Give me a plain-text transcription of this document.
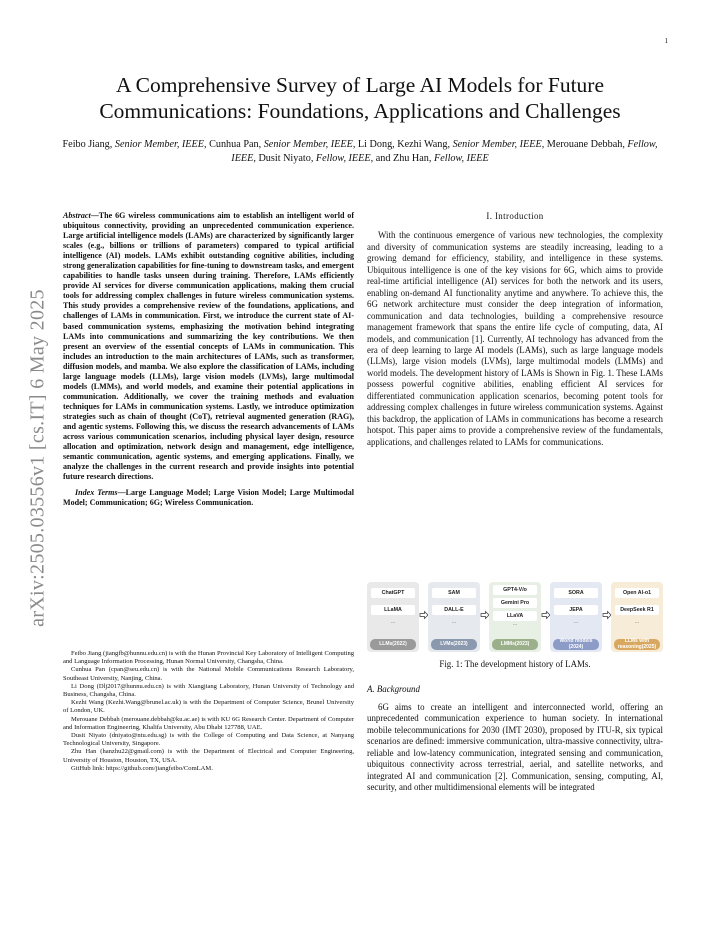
1
A Comprehensive Survey of Large AI Models for Future Communications: Foundations, Applications and Challenges
Feibo Jiang, Senior Member, IEEE, Cunhua Pan, Senior Member, IEEE, Li Dong, Kezhi Wang, Senior Member, IEEE, Merouane Debbah, Fellow, IEEE, Dusit Niyato, Fellow, IEEE, and Zhu Han, Fellow, IEEE
arXiv:2505.03556v1 [cs.IT] 6 May 2025
Abstract—The 6G wireless communications aim to establish an intelligent world of ubiquitous connectivity, providing an unprecedented communication experience. Large artificial intelligence models (LAMs) are characterized by significantly larger scales (e.g., billions or trillions of parameters) compared to typical artificial intelligence (AI) models. LAMs exhibit outstanding cognitive abilities, including strong generalization capabilities for fine-tuning to downstream tasks, and emergent capabilities to handle tasks unseen during training. Therefore, LAMs efficiently provide AI services for diverse communication applications, making them crucial tools for addressing complex challenges in future wireless communication systems. This study provides a comprehensive review of the foundations, applications, and challenges of LAMs in communication. First, we introduce the current state of AI-based communication systems, emphasizing the motivation behind integrating LAMs into communications and summarizing the key contributions. We then present an overview of the essential concepts of LAMs in communication. This includes an introduction to the main architectures of LAMs, such as transformer, diffusion models, and mamba. We also explore the classification of LAMs, including large language models (LLMs), large vision models (LVMs), large multimodal models (LMMs), and world models, and examine their potential applications in communication. Additionally, we cover the training methods and evaluation techniques for LAMs in communication systems. Lastly, we introduce optimization strategies such as chain of thought (CoT), retrieval augmented generation (RAG), and agentic systems. Following this, we discuss the research advancements of LAMs across various communication scenarios, including physical layer design, resource allocation and optimization, network design and management, edge intelligence, semantic communication, agentic systems, and emerging applications. Finally, we analyze the challenges in the current research and provide insights into potential future research directions.
Index Terms—Large Language Model; Large Vision Model; Large Multimodal Model; Communication; 6G; Wireless Communication.

Feibo Jiang (jiangfb@hunnu.edu.cn) is with the Hunan Provincial Key Laboratory of Intelligent Computing and Language Information Processing, Hunan Normal University, Changsha, China.

Cunhua Pan (cpan@seu.edu.cn) is with the National Mobile Communications Research Laboratory, Southeast University, Nanjing, China.

Li Dong (Dlj2017@hunnu.edu.cn) is with Xiangjiang Laboratory, Hunan University of Technology and Business, Changsha, China.

Kezhi Wang (Kezhi.Wang@brunel.ac.uk) is with the Department of Computer Science, Brunel University of London, UK.

Merouane Debbah (merouane.debbah@ku.ac.ae) is with KU 6G Research Center. Department of Computer and Information Engineering, Khalifa University, Abu Dhabi 127788, UAE.

Dusit Niyato (dniyato@ntu.edu.sg) is with the College of Computing and Data Science, at Nanyang Technological University, Singapore.

Zhu Han (hanzhu22@gmail.com) is with the Department of Electrical and Computer Engineering, University of Houston, Houston, TX, USA.

GitHub link: https://github.com/jiangfeibo/ComLAM.

I. Introduction

With the continuous emergence of various new technologies, the complexity and diversity of communication systems are steadily increasing, leading to a growing demand for efficiency, stability, and intelligence in these systems. Ubiquitous intelligence is one of the key visions for 6G, which aims to provide real-time artificial intelligence (AI) services for both the network and its users, enabling on-demand AI functionality anytime and anywhere. To achieve this, the 6G network architecture must consider the deep integration of information, communication and data technologies, building a comprehensive resource management framework that spans the entire life cycle of computing, data, AI models, and communication [1]. Currently, AI technology has advanced from the era of deep learning to large AI models (LAMs), such as large language models (LLMs), large vision models (LVMs), large multimodal models (LMMs) and world models. The development history of LAMs is Shown in Fig. 1. These LAMs possess powerful cognitive abilities, enabling efficient AI services for differentiated communication application scenarios, becoming potent tools for addressing complex challenges in future wireless communication systems. Against this backdrop, the application of LAMs in communications has become a research hotspot. This paper aims to provide a comprehensive review of the fundamentals, applications, and challenges related to LAMs for communications.

ChatGPT
LLaMA
...
LLMs(2022)
SAM
DALL-E
...
LVMs(2023)
GPT4-V/o
Gemini Pro
LLaVA
...
LMMs(2023)
SORA
JEPA
...
World models (2024)
Open AI-o1
DeepSeek R1
...
LLMs with reasoning(2025)
Fig. 1: The development history of LAMs.
A. Background

6G aims to create an intelligent and interconnected world, offering an unprecedented communication experience to human society. In international mobile telecommunications for 2030 (IMT 2030), proposed by ITU-R, six typical scenarios are defined: immersive communication, ultra-massive connectivity, ultra-reliable and low-latency communication, integrated sensing and communication, ubiquitous connectivity across terrestrial, aerial, and satellite networks, and integrated AI and communication [2]. Communication, sensing, computing, AI, security, and other multidimensional elements will be integrated
